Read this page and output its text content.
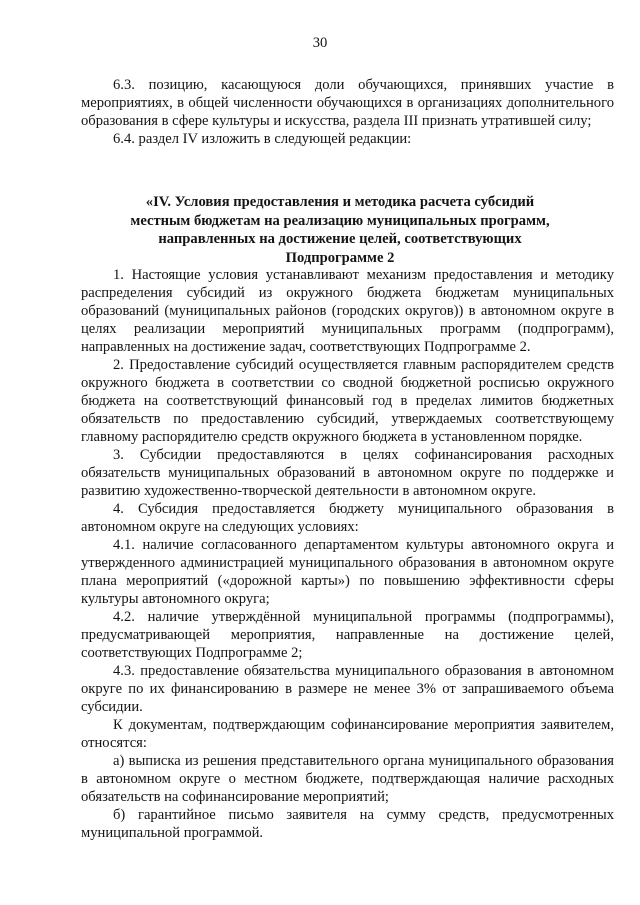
30

6.3. позицию, касающуюся доли обучающихся, принявших участие в мероприятиях, в общей численности обучающихся в организациях дополнительного образования в сфере культуры и искусства, раздела III признать утратившей силу;

6.4. раздел IV изложить в следующей редакции:

«IV. Условия предоставления и методика расчета субсидий
местным бюджетам на реализацию муниципальных программ,
направленных на достижение целей, соответствующих
Подпрограмме 2

1. Настоящие условия устанавливают механизм предоставления и методику распределения субсидий из окружного бюджета бюджетам муниципальных образований (муниципальных районов (городских округов)) в автономном округе в целях реализации мероприятий муниципальных программ (подпрограмм), направленных на достижение задач, соответствующих Подпрограмме 2.

2. Предоставление субсидий осуществляется главным распорядителем средств окружного бюджета в соответствии со сводной бюджетной росписью окружного бюджета на соответствующий финансовый год в пределах лимитов бюджетных обязательств по предоставлению субсидий, утверждаемых соответствующему главному распорядителю средств окружного бюджета в установленном порядке.

3. Субсидии предоставляются в целях софинансирования расходных обязательств муниципальных образований в автономном округе по поддержке и развитию художественно-творческой деятельности в автономном округе.

4. Субсидия предоставляется бюджету муниципального образования в автономном округе на следующих условиях:

4.1. наличие согласованного департаментом культуры автономного округа и утвержденного администрацией муниципального образования в автономном округе плана мероприятий («дорожной карты») по повышению эффективности сферы культуры автономного округа;

4.2. наличие утверждённой муниципальной программы (подпрограммы), предусматривающей мероприятия, направленные на достижение целей, соответствующих Подпрограмме 2;

4.3. предоставление обязательства муниципального образования в автономном округе по их финансированию в размере не менее 3% от запрашиваемого объема субсидии.

К документам, подтверждающим софинансирование мероприятия заявителем, относятся:

а) выписка из решения представительного органа муниципального образования в автономном округе о местном бюджете, подтверждающая наличие расходных обязательств на софинансирование мероприятий;

б) гарантийное письмо заявителя на сумму средств, предусмотренных муниципальной программой.
